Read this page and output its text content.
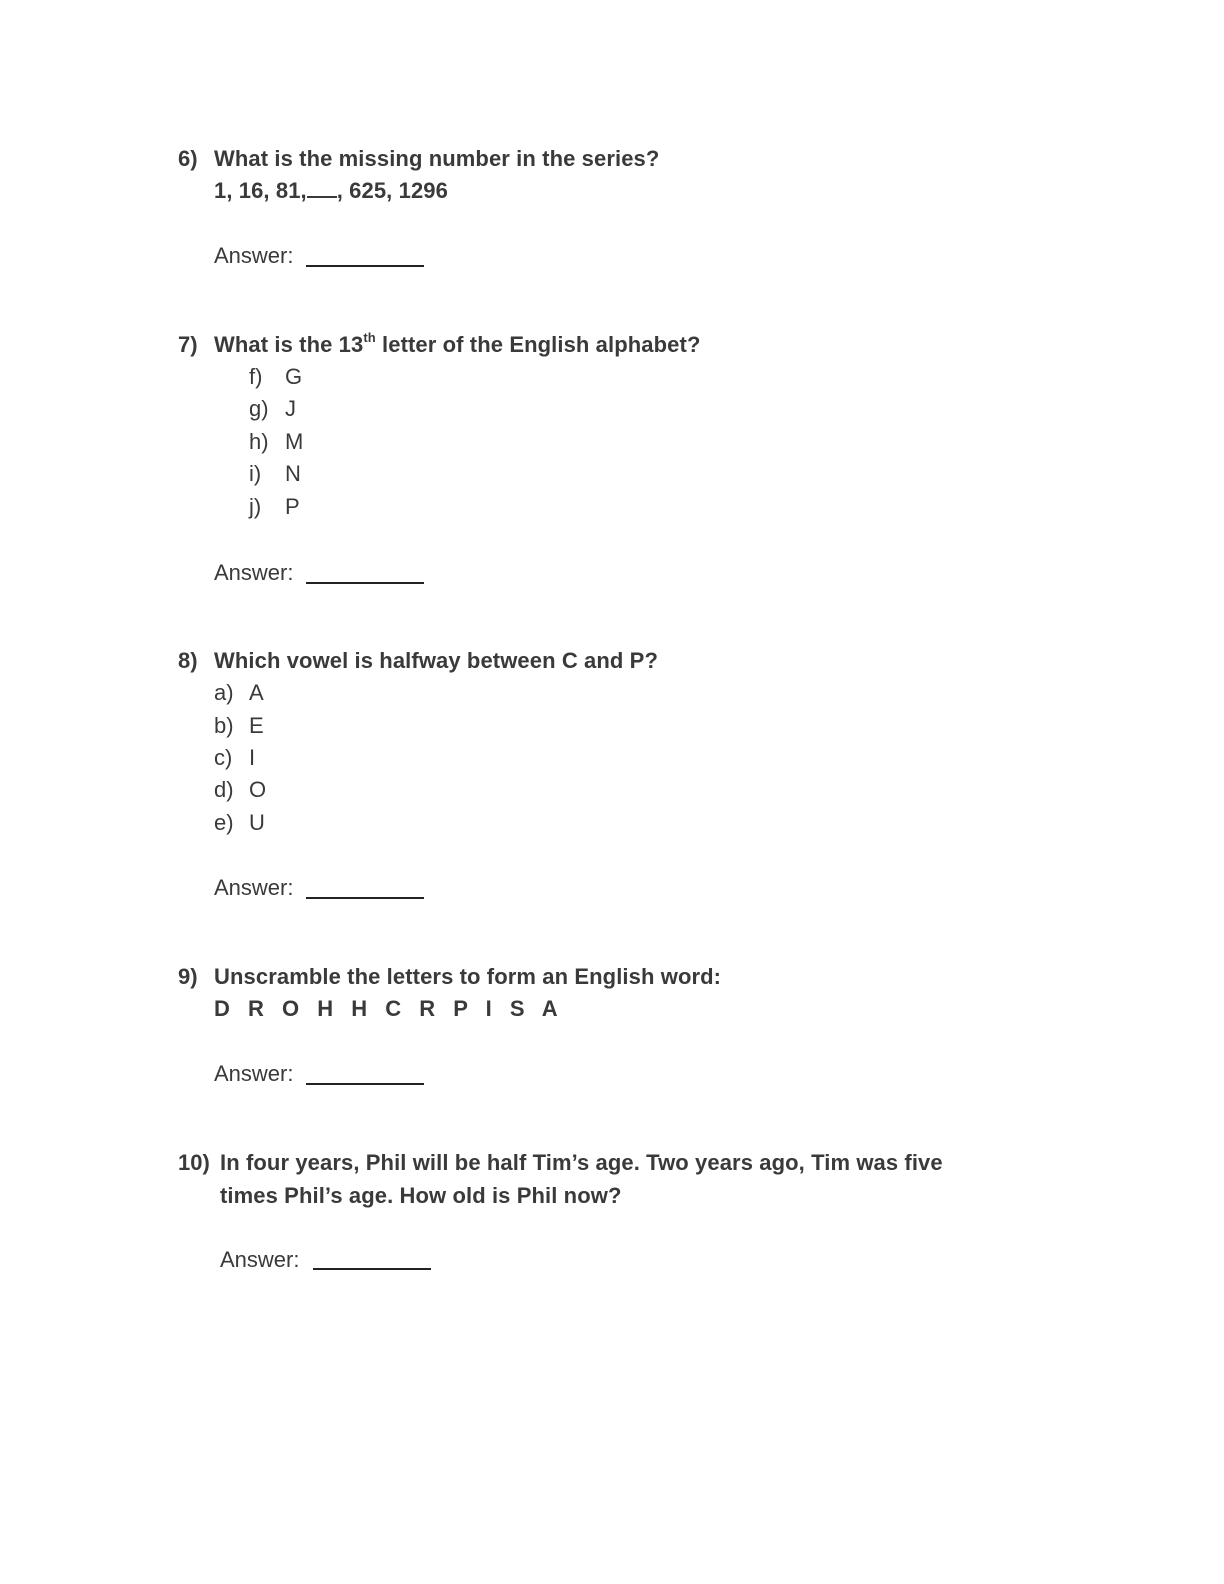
6) What is the missing number in the series?
1, 16, 81, , 625, 1296
Answer:
7) What is the 13th letter of the English alphabet?
f) G
g) J
h) M
i) N
j) P
Answer:
8) Which vowel is halfway between C and P?
a) A
b) E
c) I
d) O
e) U
Answer:
9) Unscramble the letters to form an English word:
D R O H H C R P I S A
Answer:
10) In four years, Phil will be half Tim’s age. Two years ago, Tim was five
times Phil’s age. How old is Phil now?
Answer:
